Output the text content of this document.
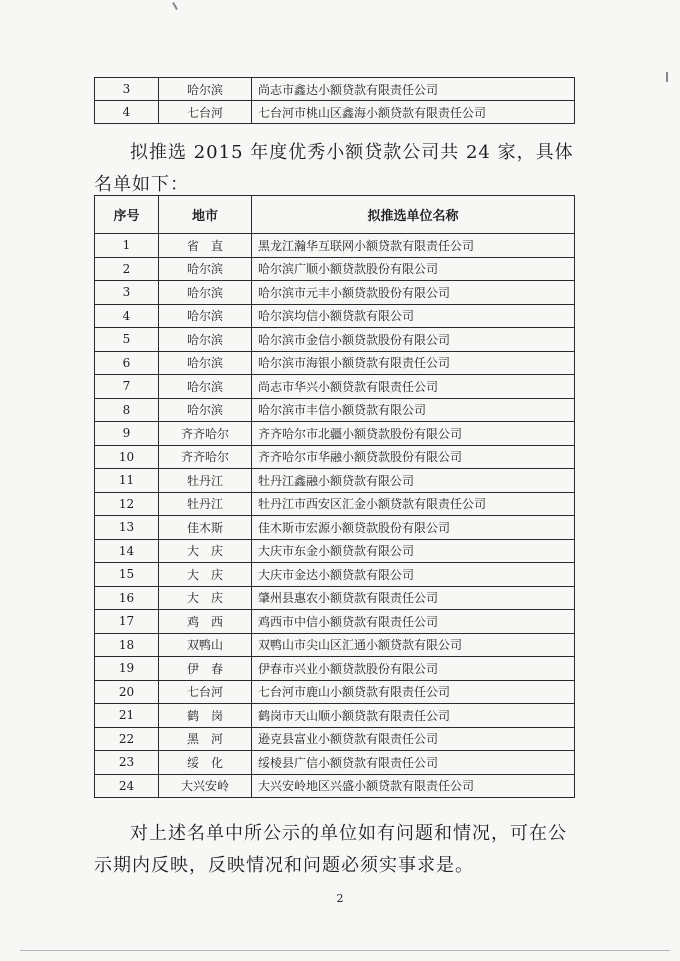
3	哈尔滨	尚志市鑫达小额贷款有限责任公司
4	七台河	七台河市桃山区鑫海小额贷款有限责任公司

拟推选 2015 年度优秀小额贷款公司共 24 家，具体名单如下：

序号	地市	拟推选单位名称
1	省　直	黑龙江瀚华互联网小额贷款有限责任公司
2	哈尔滨	哈尔滨广顺小额贷款股份有限公司
3	哈尔滨	哈尔滨市元丰小额贷款股份有限公司
4	哈尔滨	哈尔滨均信小额贷款有限公司
5	哈尔滨	哈尔滨市金信小额贷款股份有限公司
6	哈尔滨	哈尔滨市海银小额贷款有限责任公司
7	哈尔滨	尚志市华兴小额贷款有限责任公司
8	哈尔滨	哈尔滨市丰信小额贷款有限公司
9	齐齐哈尔	齐齐哈尔市北疆小额贷款股份有限公司
10	齐齐哈尔	齐齐哈尔市华融小额贷款股份有限公司
11	牡丹江	牡丹江鑫融小额贷款有限公司
12	牡丹江	牡丹江市西安区汇金小额贷款有限责任公司
13	佳木斯	佳木斯市宏源小额贷款股份有限公司
14	大　庆	大庆市东金小额贷款有限公司
15	大　庆	大庆市金达小额贷款有限公司
16	大　庆	肇州县惠农小额贷款有限责任公司
17	鸡　西	鸡西市中信小额贷款有限责任公司
18	双鸭山	双鸭山市尖山区汇通小额贷款有限公司
19	伊　春	伊春市兴业小额贷款股份有限公司
20	七台河	七台河市鹿山小额贷款有限责任公司
21	鹤　岗	鹤岗市天山顺小额贷款有限责任公司
22	黑　河	逊克县富业小额贷款有限责任公司
23	绥　化	绥棱县广信小额贷款有限责任公司
24	大兴安岭	大兴安岭地区兴盛小额贷款有限责任公司

对上述名单中所公示的单位如有问题和情况，可在公示期内反映，反映情况和问题必须实事求是。

2
